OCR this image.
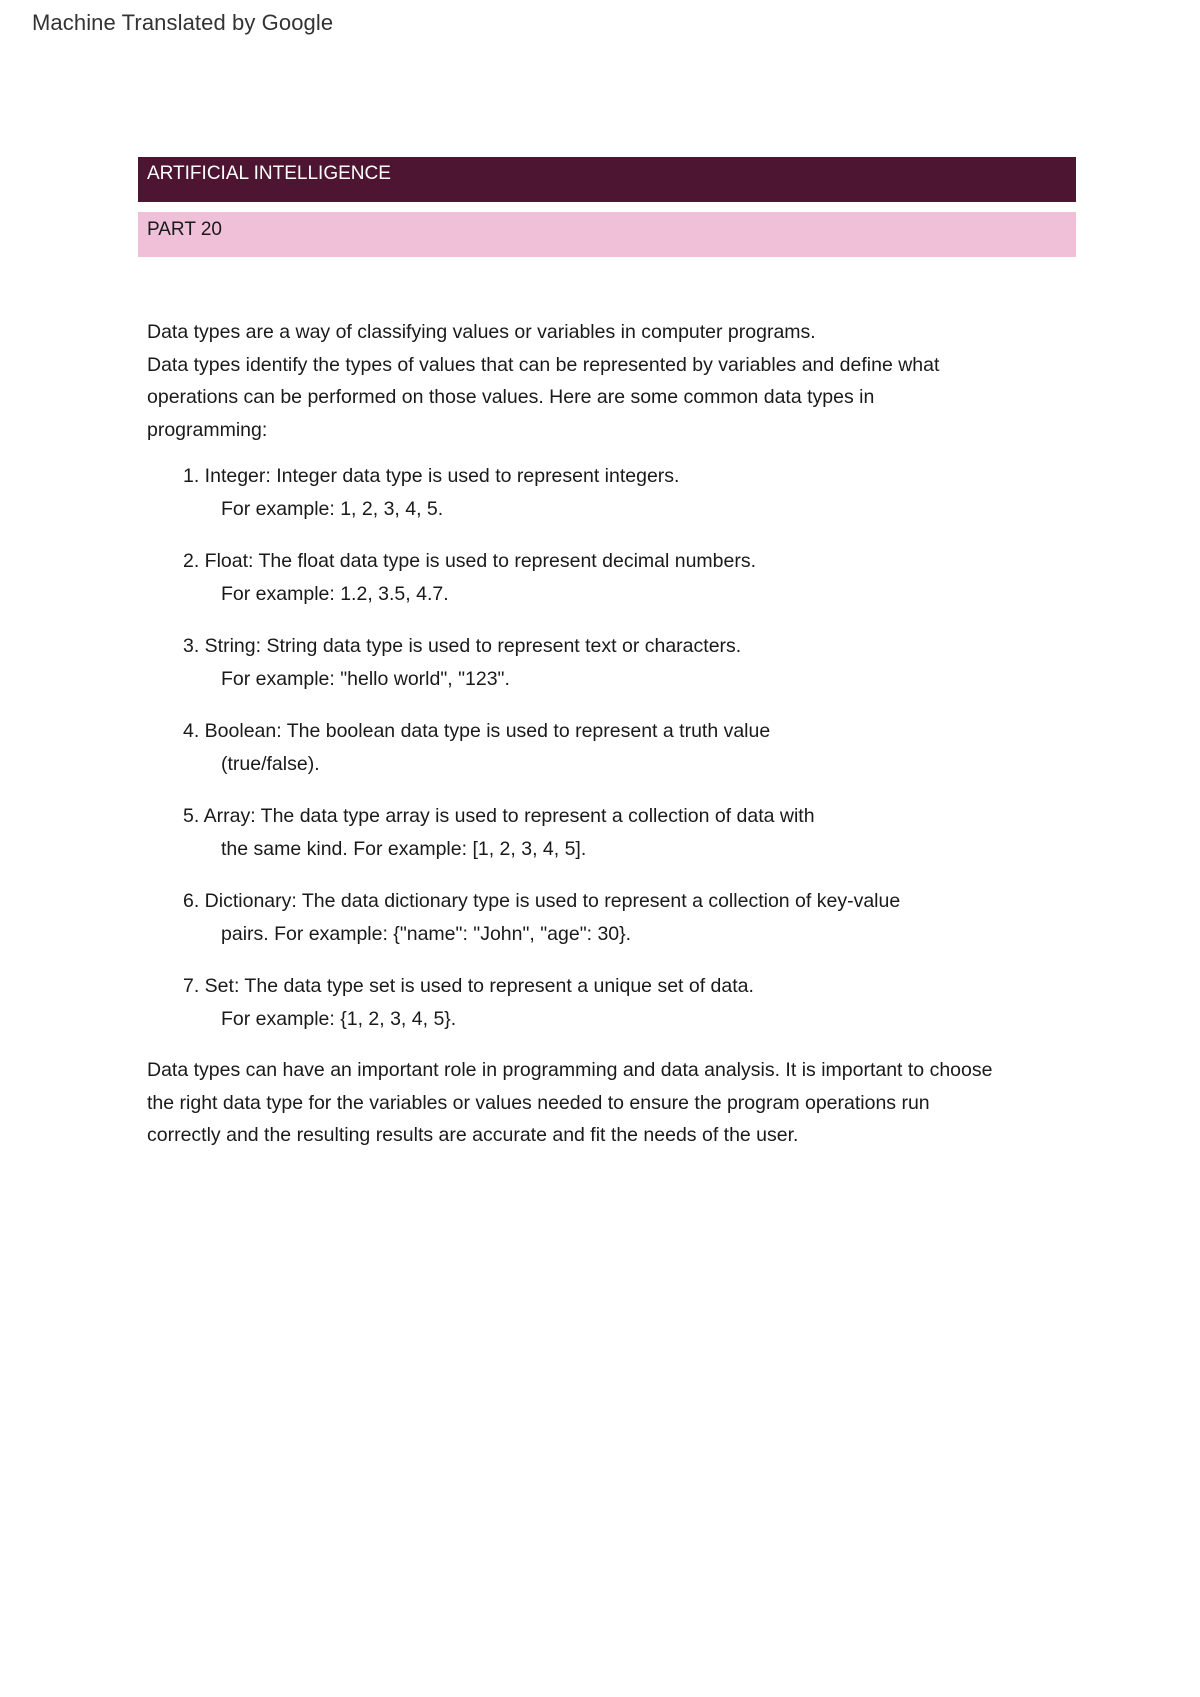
Machine Translated by Google
ARTIFICIAL INTELLIGENCE
PART 20

Data types are a way of classifying values or variables in computer programs.
Data types identify the types of values that can be represented by variables and define what
operations can be performed on those values. Here are some common data types in
programming:

1. Integer: Integer data type is used to represent integers.
For example: 1, 2, 3, 4, 5.
2. Float: The float data type is used to represent decimal numbers.
For example: 1.2, 3.5, 4.7.
3. String: String data type is used to represent text or characters.
For example: "hello world", "123".
4. Boolean: The boolean data type is used to represent a truth value
(true/false).
5. Array: The data type array is used to represent a collection of data with
the same kind. For example: [1, 2, 3, 4, 5].
6. Dictionary: The data dictionary type is used to represent a collection of key-value
pairs. For example: {"name": "John", "age": 30}.
7. Set: The data type set is used to represent a unique set of data.
For example: {1, 2, 3, 4, 5}.

Data types can have an important role in programming and data analysis. It is important to choose
the right data type for the variables or values needed to ensure the program operations run
correctly and the resulting results are accurate and fit the needs of the user.
